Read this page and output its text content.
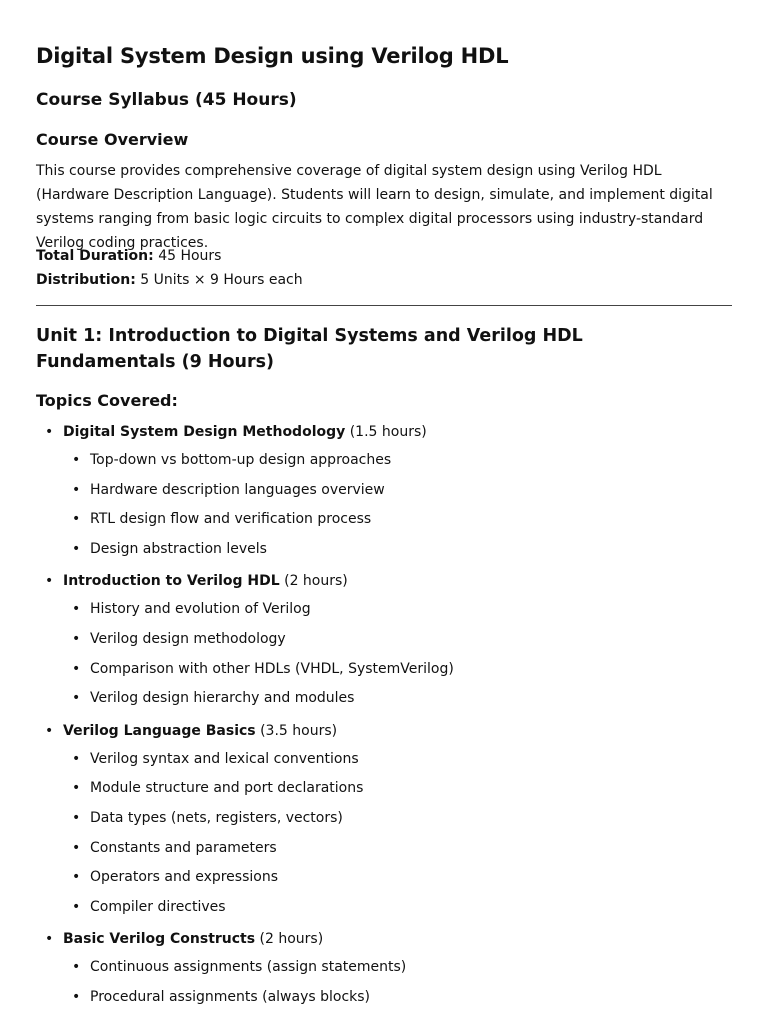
Digital System Design using Verilog HDL
Course Syllabus (45 Hours)
Course Overview

This course provides comprehensive coverage of digital system design using Verilog HDL (Hardware Description Language). Students will learn to design, simulate, and implement digital systems ranging from basic logic circuits to complex digital processors using industry-standard Verilog coding practices.

Total Duration: 45 Hours

Distribution: 5 Units × 9 Hours each

Unit 1: Introduction to Digital Systems and Verilog HDL Fundamentals (9 Hours)
Topics Covered:
• Digital System Design Methodology (1.5 hours)
• Top-down vs bottom-up design approaches
• Hardware description languages overview
• RTL design flow and verification process
• Design abstraction levels
• Introduction to Verilog HDL (2 hours)
• History and evolution of Verilog
• Verilog design methodology
• Comparison with other HDLs (VHDL, SystemVerilog)
• Verilog design hierarchy and modules
• Verilog Language Basics (3.5 hours)
• Verilog syntax and lexical conventions
• Module structure and port declarations
• Data types (nets, registers, vectors)
• Constants and parameters
• Operators and expressions
• Compiler directives
• Basic Verilog Constructs (2 hours)
• Continuous assignments (assign statements)
• Procedural assignments (always blocks)
